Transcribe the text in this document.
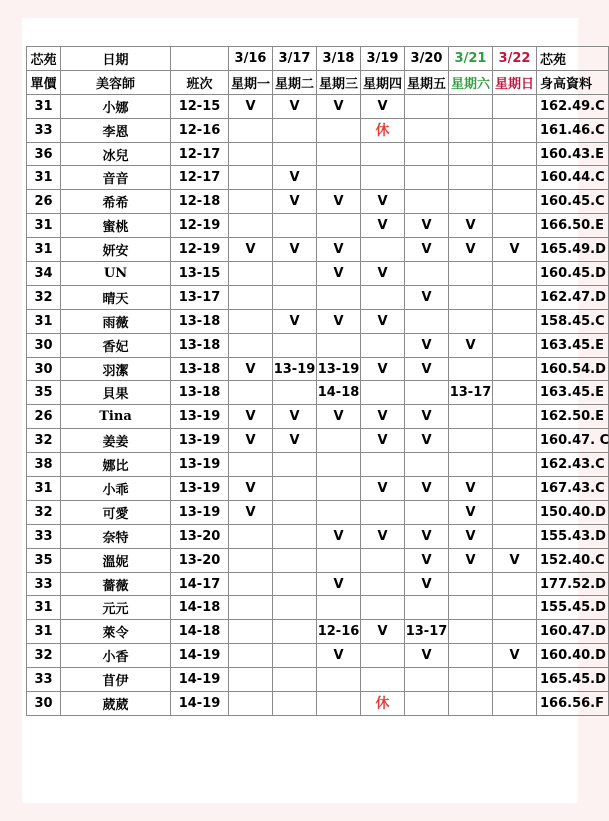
芯苑	日期		3/16	3/17	3/18	3/19	3/20	3/21	3/22	芯苑
單價	美容師	班次	星期一	星期二	星期三	星期四	星期五	星期六	星期日	身高資料
31	小娜	12-15	V	V	V	V				162.49.C
33	李恩	12-16				休				161.46.C
36	冰兒	12-17								160.43.E
31	音音	12-17		V						160.44.C
26	希希	12-18		V	V	V				160.45.C
31	蜜桃	12-19				V	V	V		166.50.E
31	妍安	12-19	V	V	V		V	V	V	165.49.D
34	UN	13-15			V	V				160.45.D
32	晴天	13-17					V			162.47.D
31	雨薇	13-18		V	V	V				158.45.C
30	香妃	13-18					V	V		163.45.E
30	羽潔	13-18	V	13-19	13-19	V	V			160.54.D
35	貝果	13-18			14-18			13-17		163.45.E
26	Tina	13-19	V	V	V	V	V			162.50.E
32	姜姜	13-19	V	V		V	V			160.47. C
38	娜比	13-19								162.43.C
31	小乖	13-19	V			V	V	V		167.43.C
32	可愛	13-19	V					V		150.40.D
33	奈特	13-20			V	V	V	V		155.43.D
35	溫妮	13-20					V	V	V	152.40.C
33	薔薇	14-17			V		V			177.52.D
31	元元	14-18								155.45.D
31	萊令	14-18			12-16	V	13-17			160.47.D
32	小香	14-19			V		V		V	160.40.D
33	苜伊	14-19								165.45.D
30	葳葳	14-19				休				166.56.F
